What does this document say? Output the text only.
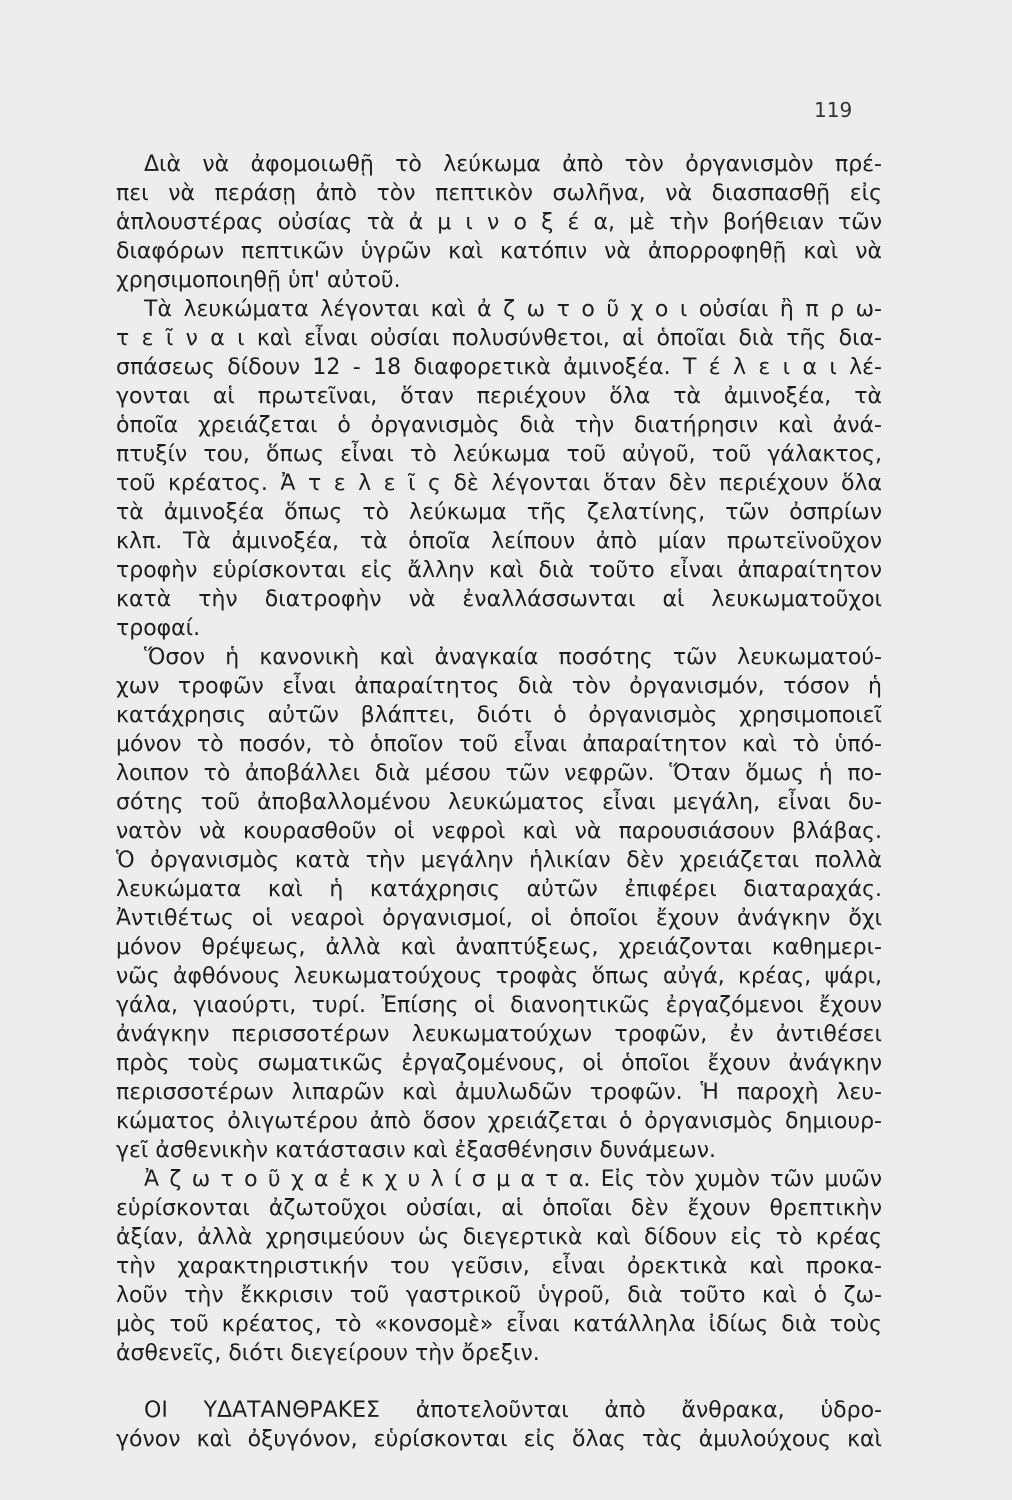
119
Διὰ νὰ ἀφομοιωθῇ τὸ λεύκωμα ἀπὸ τὸν ὀργανισμὸν πρέ-
πει νὰ περάσῃ ἀπὸ τὸν πεπτικὸν σωλῆνα, νὰ διασπασθῇ εἰς
ἁπλουστέρας οὐσίας τὰ ἀ μ ι ν ο ξ έ α, μὲ τὴν βοήθειαν τῶν
διαφόρων πεπτικῶν ὑγρῶν καὶ κατόπιν νὰ ἀπορροφηθῇ καὶ νὰ
χρησιμοποιηθῇ ὑπ' αὐτοῦ.
Τὰ λευκώματα λέγονται καὶ ἀ ζ ω τ ο ῦ χ ο ι οὐσίαι ἢ π ρ ω-
τ ε ῖ ν α ι καὶ εἶναι οὐσίαι πολυσύνθετοι, αἱ ὁποῖαι διὰ τῆς δια-
σπάσεως δίδουν 12 - 18 διαφορετικὰ ἀμινοξέα. Τ έ λ ε ι α ι λέ-
γονται αἱ πρωτεῖναι, ὅταν περιέχουν ὅλα τὰ ἀμινοξέα, τὰ
ὁποῖα χρειάζεται ὁ ὀργανισμὸς διὰ τὴν διατήρησιν καὶ ἀνά-
πτυξίν του, ὅπως εἶναι τὸ λεύκωμα τοῦ αὐγοῦ, τοῦ γάλακτος,
τοῦ κρέατος. Ἀ τ ε λ ε ῖ ς δὲ λέγονται ὅταν δὲν περιέχουν ὅλα
τὰ ἀμινοξέα ὅπως τὸ λεύκωμα τῆς ζελατίνης, τῶν ὀσπρίων
κλπ. Τὰ ἀμινοξέα, τὰ ὁποῖα λείπουν ἀπὸ μίαν πρωτεϊνοῦχον
τροφὴν εὑρίσκονται εἰς ἄλλην καὶ διὰ τοῦτο εἶναι ἀπαραίτητον
κατὰ τὴν διατροφὴν νὰ ἐναλλάσσωνται αἱ λευκωματοῦχοι
τροφαί.
Ὅσον ἡ κανονικὴ καὶ ἀναγκαία ποσότης τῶν λευκωματού-
χων τροφῶν εἶναι ἀπαραίτητος διὰ τὸν ὀργανισμόν, τόσον ἡ
κατάχρησις αὐτῶν βλάπτει, διότι ὁ ὀργανισμὸς χρησιμοποιεῖ
μόνον τὸ ποσόν, τὸ ὁποῖον τοῦ εἶναι ἀπαραίτητον καὶ τὸ ὑπό-
λοιπον τὸ ἀποβάλλει διὰ μέσου τῶν νεφρῶν. Ὅταν ὅμως ἡ πο-
σότης τοῦ ἀποβαλλομένου λευκώματος εἶναι μεγάλη, εἶναι δυ-
νατὸν νὰ κουρασθοῦν οἱ νεφροὶ καὶ νὰ παρουσιάσουν βλάβας.
Ὁ ὀργανισμὸς κατὰ τὴν μεγάλην ἡλικίαν δὲν χρειάζεται πολλὰ
λευκώματα καὶ ἡ κατάχρησις αὐτῶν ἐπιφέρει διαταραχάς.
Ἀντιθέτως οἱ νεαροὶ ὀργανισμοί, οἱ ὁποῖοι ἔχουν ἀνάγκην ὄχι
μόνον θρέψεως, ἀλλὰ καὶ ἀναπτύξεως, χρειάζονται καθημερι-
νῶς ἀφθόνους λευκωματούχους τροφὰς ὅπως αὐγά, κρέας, ψάρι,
γάλα, γιαούρτι, τυρί. Ἐπίσης οἱ διανοητικῶς ἐργαζόμενοι ἔχουν
ἀνάγκην περισσοτέρων λευκωματούχων τροφῶν, ἐν ἀντιθέσει
πρὸς τοὺς σωματικῶς ἐργαζομένους, οἱ ὁποῖοι ἔχουν ἀνάγκην
περισσοτέρων λιπαρῶν καὶ ἀμυλωδῶν τροφῶν. Ἡ παροχὴ λευ-
κώματος ὀλιγωτέρου ἀπὸ ὅσον χρειάζεται ὁ ὀργανισμὸς δημιουρ-
γεῖ ἀσθενικὴν κατάστασιν καὶ ἐξασθένησιν δυνάμεων.
Ἀ ζ ω τ ο ῦ χ α ἐ κ χ υ λ ί σ μ α τ α. Εἰς τὸν χυμὸν τῶν μυῶν
εὑρίσκονται ἀζωτοῦχοι οὐσίαι, αἱ ὁποῖαι δὲν ἔχουν θρεπτικὴν
ἀξίαν, ἀλλὰ χρησιμεύουν ὡς διεγερτικὰ καὶ δίδουν εἰς τὸ κρέας
τὴν χαρακτηριστικήν του γεῦσιν, εἶναι ὀρεκτικὰ καὶ προκα-
λοῦν τὴν ἔκκρισιν τοῦ γαστρικοῦ ὑγροῦ, διὰ τοῦτο καὶ ὁ ζω-
μὸς τοῦ κρέατος, τὸ «κονσομὲ» εἶναι κατάλληλα ἰδίως διὰ τοὺς
ἀσθενεῖς, διότι διεγείρουν τὴν ὄρεξιν.
ΟΙ ΥΔΑΤΑΝΘΡΑΚΕΣ ἀποτελοῦνται ἀπὸ ἄνθρακα, ὑδρο-
γόνον καὶ ὀξυγόνον, εὑρίσκονται εἰς ὅλας τὰς ἀμυλούχους καὶ
